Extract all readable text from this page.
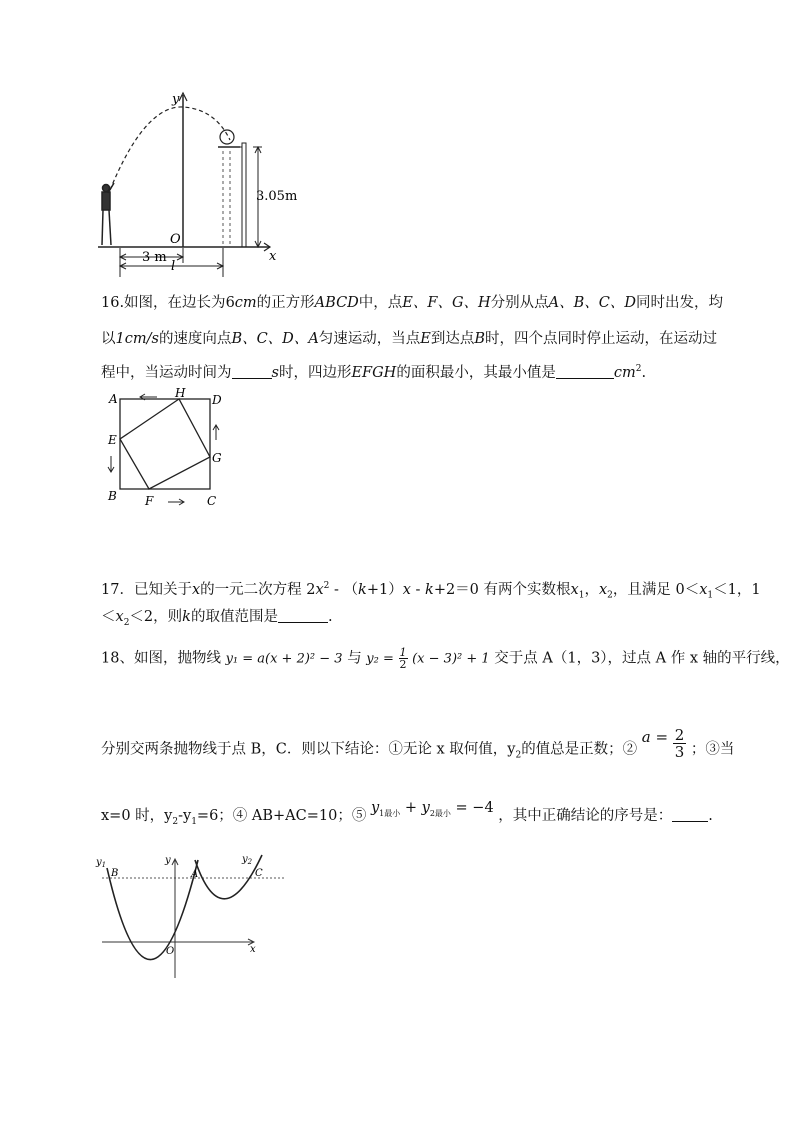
y
O
x
3.05m
3 m
l
16.如图，在边长为6cm的正方形ABCD中，点E、F、G、H分别从点A、B、C、D同时出发，均
以1cm/s的速度向点B、C、D、A匀速运动，当点E到达点B时，四个点同时停止运动，在运动过
程中，当运动时间为	s时，四边形EFGH的面积最小，其最小值是	$cm^2$.
A	H D
E
G
B F	C
17．已知关于x的一元二次方程 $2x^2 - (k+1)x - k+2=0$ 有两个实数根$x_1$，$x_2$，且满足 $0<x_1<1$，1
$<x_2<2$，则k的取值范围是	.
18、如图，抛物线 y₁ = a(x + 2)² − 3 与 $y_2 = \frac{1}{2} (x - 3)^2 + 1$ 交于点 A（1，3），过点 A 作 x 轴的平行线，
分别交两条抛物线于点 B，C．则以下结论：①无论 x 取何值，$y_2$的值总是正数；② $a = \frac{2}{3}$ ；③当
x=0 时，$y_2-y_1=6$；④ AB+AC=10；⑤ $y_{1最小} + y_{2最小} = -4$ ，其中正确结论的序号是： .
$y_1$
B
y
A
$y_2$
C
O	x
